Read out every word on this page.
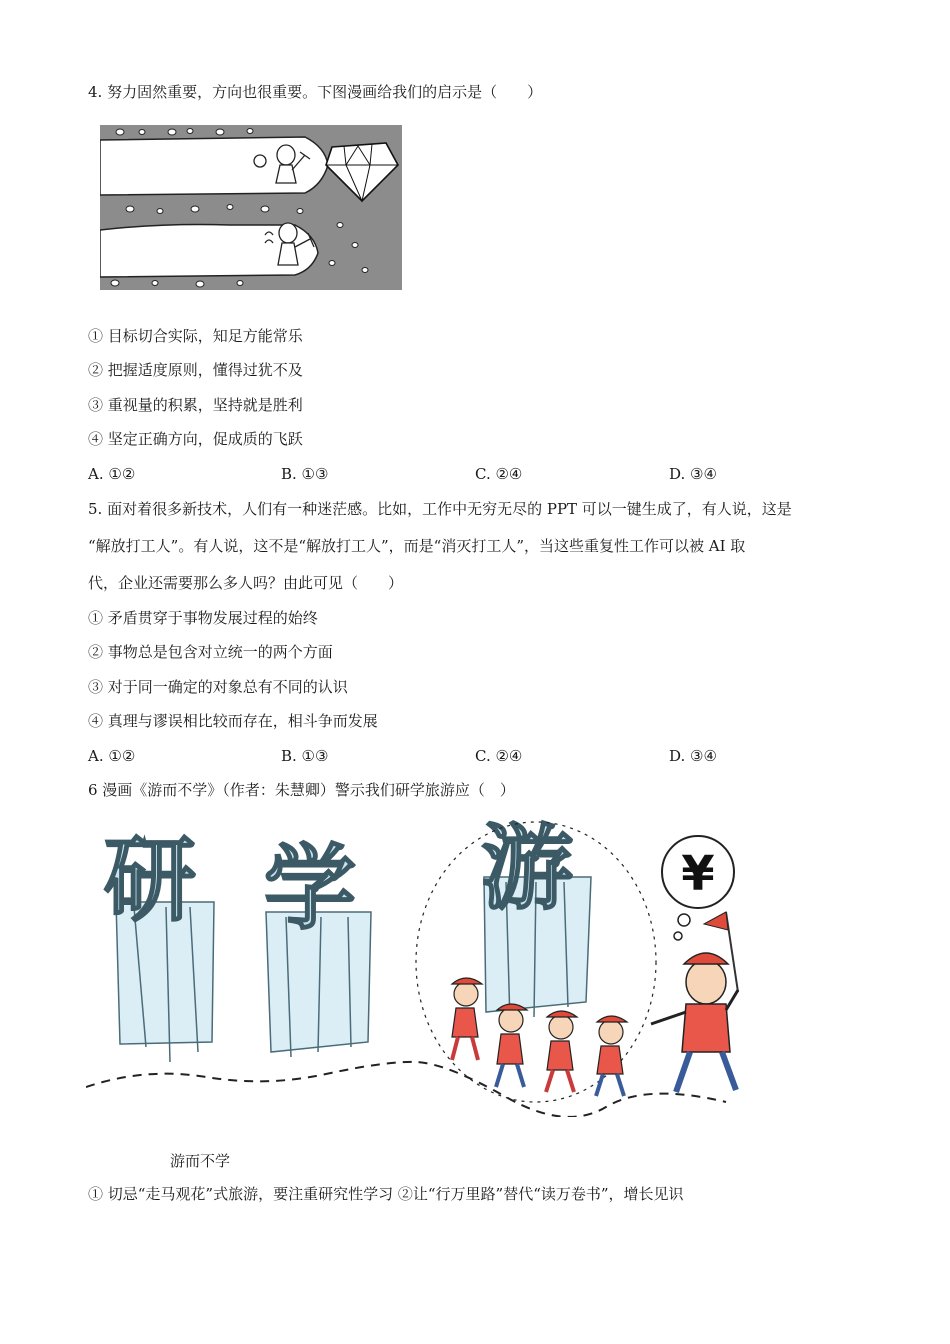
4. 努力固然重要，方向也很重要。下图漫画给我们的启示是（　　）
① 目标切合实际，知足方能常乐
② 把握适度原则，懂得过犹不及
③ 重视量的积累，坚持就是胜利
④ 坚定正确方向，促成质的飞跃
A. ①②	B. ①③	C. ②④	D. ③④
5. 面对着很多新技术，人们有一种迷茫感。比如，工作中无穷无尽的 PPT 可以一键生成了，有人说，这是
“解放打工人”。有人说，这不是“解放打工人”，而是“消灭打工人”，当这些重复性工作可以被 AI 取
代，企业还需要那么多人吗？由此可见（　　）
① 矛盾贯穿于事物发展过程的始终
② 事物总是包含对立统一的两个方面
③ 对于同一确定的对象总有不同的认识
④ 真理与谬误相比较而存在，相斗争而发展
A. ①②	B. ①③	C. ②④	D. ③④
6 漫画《游而不学》（作者：朱慧卿）警示我们研学旅游应（　）
研 学 游 ¥
游而不学
① 切忌“走马观花”式旅游，要注重研究性学习 ②让“行万里路”替代“读万卷书”，增长见识
